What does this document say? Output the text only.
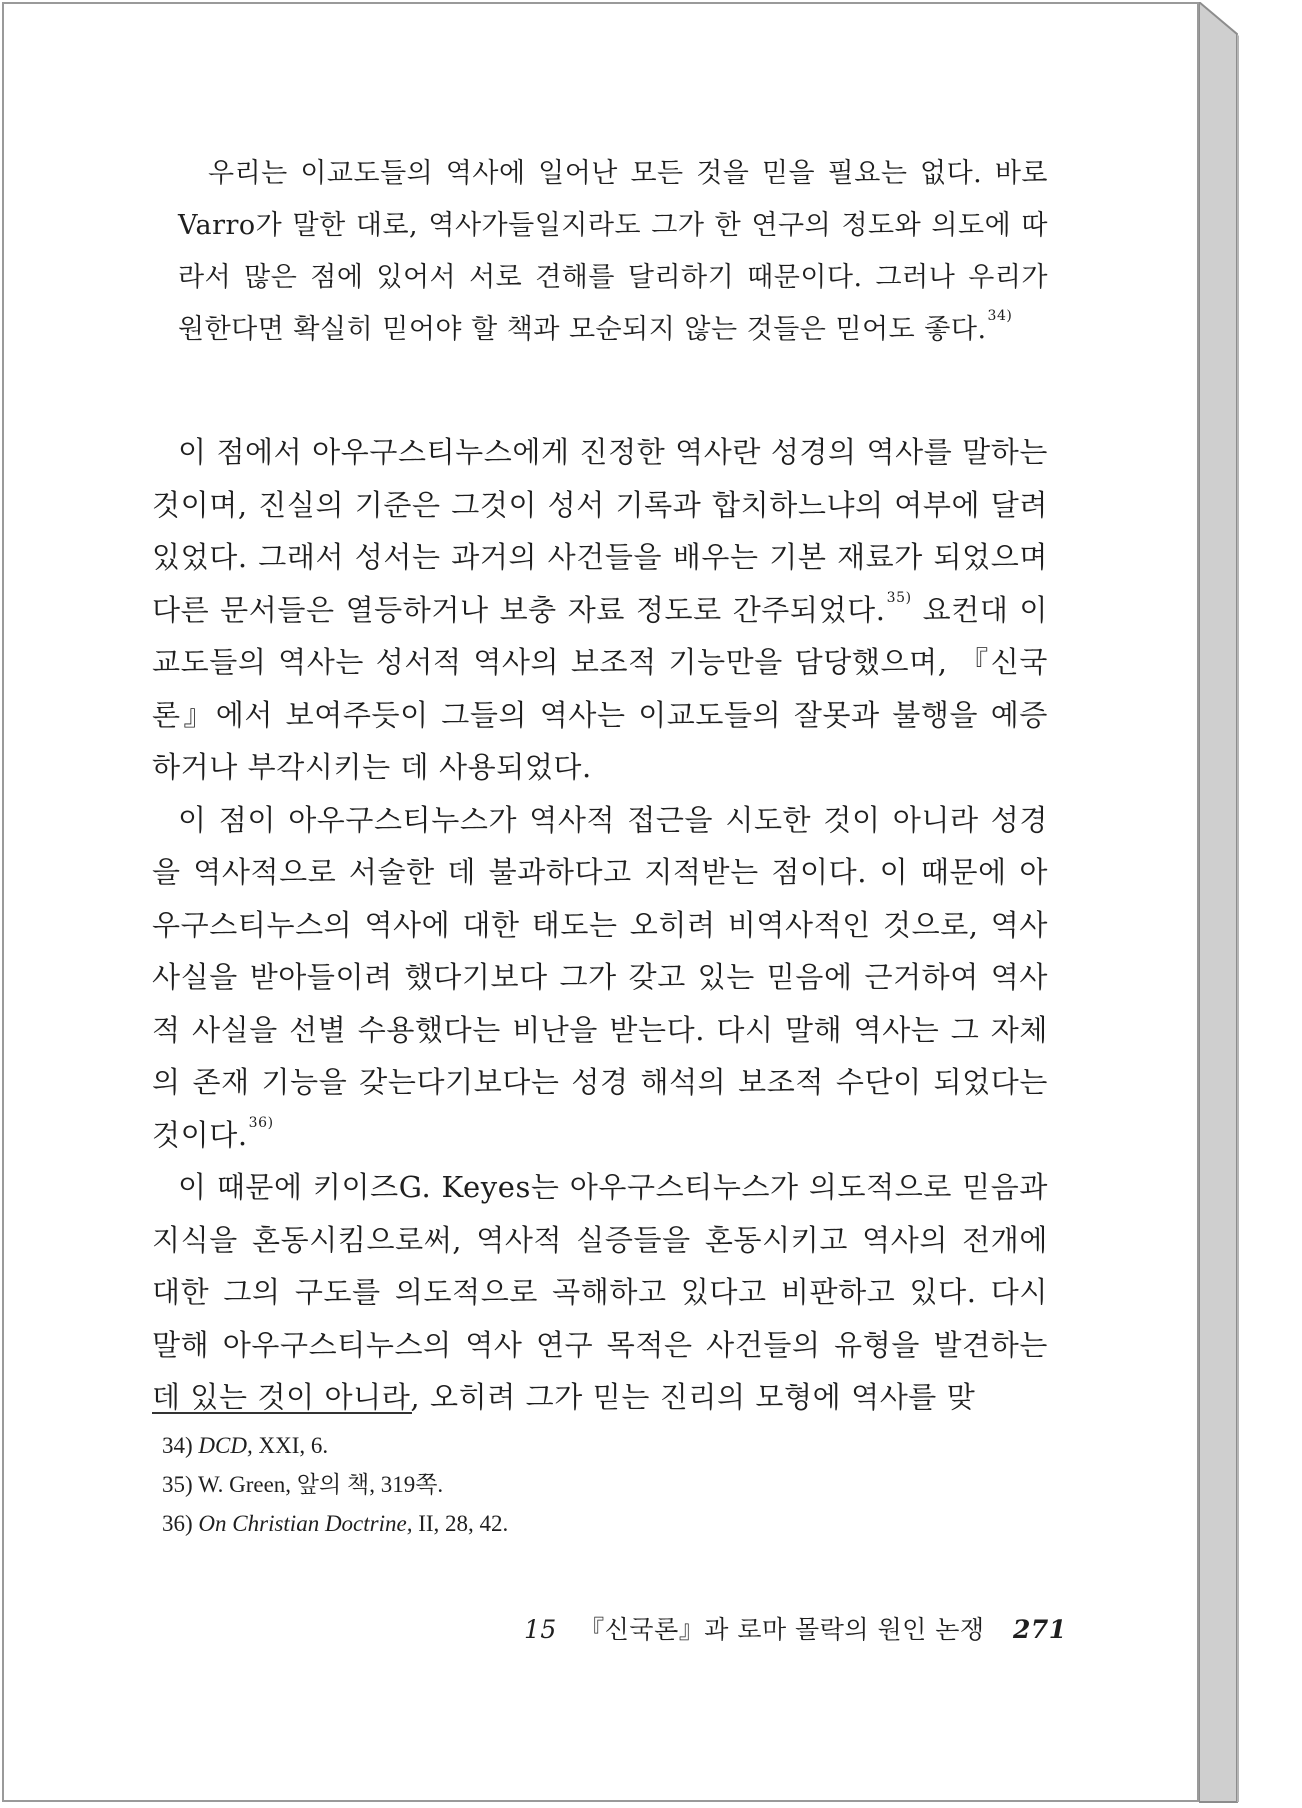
우리는 이교도들의 역사에 일어난 모든 것을 믿을 필요는 없다. 바로 Varro가 말한 대로, 역사가들일지라도 그가 한 연구의 정도와 의도에 따라서 많은 점에 있어서 서로 견해를 달리하기 때문이다. 그러나 우리가 원한다면 확실히 믿어야 할 책과 모순되지 않는 것들은 믿어도 좋다.$^{34)}$

이 점에서 아우구스티누스에게 진정한 역사란 성경의 역사를 말하는 것이며, 진실의 기준은 그것이 성서 기록과 합치하느냐의 여부에 달려 있었다. 그래서 성서는 과거의 사건들을 배우는 기본 재료가 되었으며 다른 문서들은 열등하거나 보충 자료 정도로 간주되었다.$^{35)}$ 요컨대 이교도들의 역사는 성서적 역사의 보조적 기능만을 담당했으며, 『신국론』에서 보여주듯이 그들의 역사는 이교도들의 잘못과 불행을 예증하거나 부각시키는 데 사용되었다.

이 점이 아우구스티누스가 역사적 접근을 시도한 것이 아니라 성경을 역사적으로 서술한 데 불과하다고 지적받는 점이다. 이 때문에 아우구스티누스의 역사에 대한 태도는 오히려 비역사적인 것으로, 역사 사실을 받아들이려 했다기보다 그가 갖고 있는 믿음에 근거하여 역사적 사실을 선별 수용했다는 비난을 받는다. 다시 말해 역사는 그 자체의 존재 기능을 갖는다기보다는 성경 해석의 보조적 수단이 되었다는 것이다.$^{36)}$

이 때문에 키이즈G. Keyes는 아우구스티누스가 의도적으로 믿음과 지식을 혼동시킴으로써, 역사적 실증들을 혼동시키고 역사의 전개에 대한 그의 구도를 의도적으로 곡해하고 있다고 비판하고 있다. 다시 말해 아우구스티누스의 역사 연구 목적은 사건들의 유형을 발견하는 데 있는 것이 아니라, 오히려 그가 믿는 진리의 모형에 역사를 맞

34) DCD, XXI, 6.
35) W. Green, 앞의 책, 319쪽.
36) On Christian Doctrine, II, 28, 42.
15 『신국론』과 로마 몰락의 원인 논쟁 271
